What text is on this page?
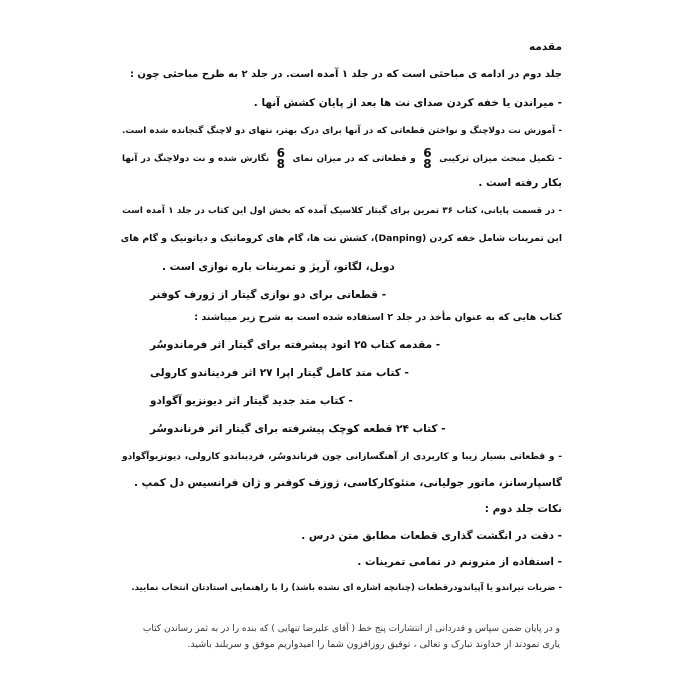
مقدمه
جلد دوم در ادامه ی مباحثی است که در جلد ۱ آمده است. در جلد ۲ به طرح مباحثی چون :
- میراندن یا خفه کردن صدای نت ها بعد از پایان کشش آنها .
- آموزش نت دولاچنگ و نواختن قطعاتی که در آنها برای درک بهتر، نتهای دو لاچنگ گنجانده شده است.
- تکمیل مبحث میزان ترکیبی
6
8
و قطعاتی که در میزان نمای
6
8
نگارش شده و نت دولاچنگ در آنها
بکار رفته است .
- در قسمت پایانی، کتاب ۳۶ تمرین برای گیتار کلاسیک آمده که بخش اول این کتاب در جلد ۱ آمده است
این تمرینات شامل خفه کردن (Danping)، کشش نت ها، گام های کروماتیک و دیاتونیک و گام های
دوبل، لگاتو، آرپژ و تمرینات باره نوازی است .
- قطعاتی برای دو نوازی گیتار از ژورف کوفنر
کتاب هایی که به عنوان مأخذ در جلد ۲ استفاده شده است به شرح زیر میباشند :
- مقدمه کتاب ۲۵ اتود پیشرفته برای گیتار اثر فرماندوسُر
- کتاب متد کامل گیتار اپرا ۲۷ اثر فردیناندو کارولی
- کتاب متد جدید گیتار اثر دیونزیو آگوادو
- کتاب ۲۴ قطعه کوچک پیشرفته برای گیتار اثر فرناندوسُر
- و قطعاتی بسیار زیبا و کاربردی از آهنگسازانی چون فرناندوسُر، فردیناندو کارولی، دیونزیوآگوادو
گاسپارسانز، ماتور جولیانی، متئوکارکاسی، ژوزف کوفنر و ژان فرانسیس دل کمپ .
نکات جلد دوم :
- دقت در انگشت گذاری قطعات مطابق متن درس .
- استفاده از مترونم در تمامی تمرینات .
- ضربات تیراندو یا آپیاندودرقطعات (چنانچه اشاره ای نشده باشد) را با راهنمایی استادتان انتخاب نمایید.
و در پایان ضمن سپاس و قدردانی از انتشارات پنج خط ( آقای علیرضا تنهایی ) که بنده را در به ثمر رساندن کتاب
یاری نمودند از خداوند تبارک و تعالی ، توفیق روزافزون شما را امیدواریم موفق و سربلند باشید.
